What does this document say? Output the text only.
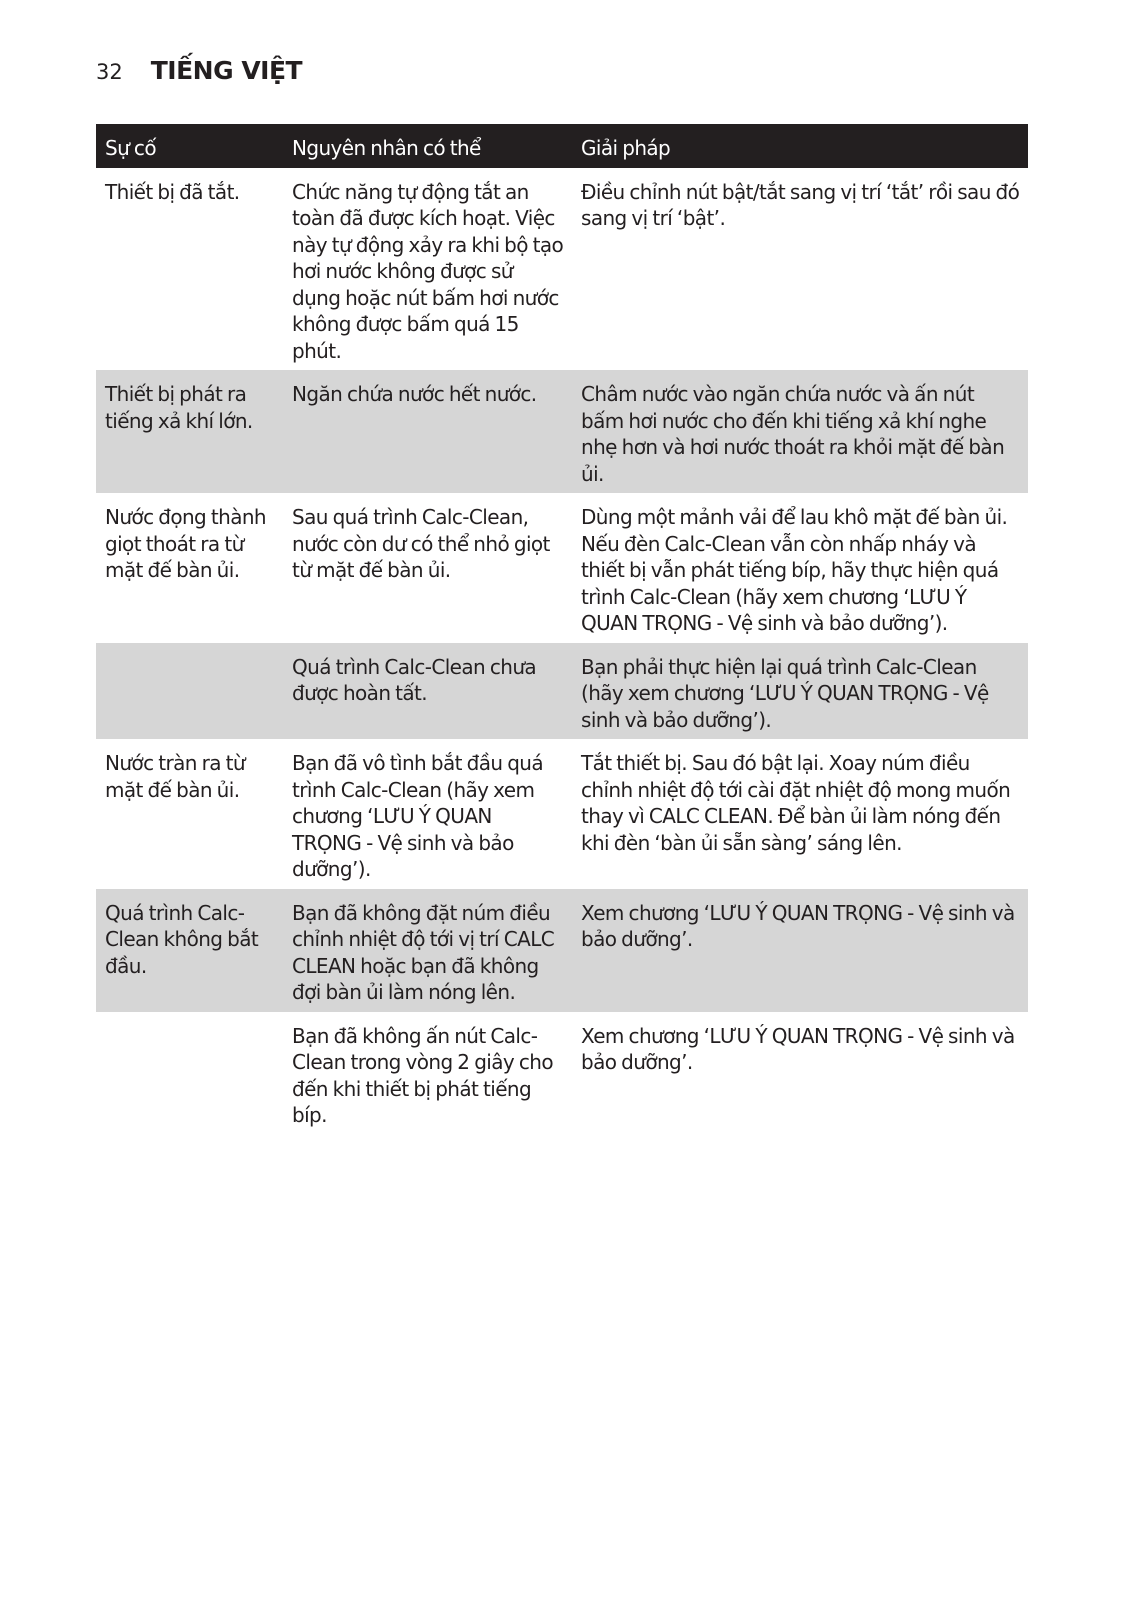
32 TIẾNG VIỆT
Sự cố	Nguyên nhân có thể	Giải pháp
Thiết bị đã tắt.	Chức năng tự động tắt an toàn đã được kích hoạt. Việc này tự động xảy ra khi bộ tạo hơi nước không được sử dụng hoặc nút bấm hơi nước không được bấm quá 15 phút.	Điều chỉnh nút bật/tắt sang vị trí ‘tắt’ rồi sau đó sang vị trí ‘bật’.
Thiết bị phát ra tiếng xả khí lớn.	Ngăn chứa nước hết nước.	Châm nước vào ngăn chứa nước và ấn nút bấm hơi nước cho đến khi tiếng xả khí nghe nhẹ hơn và hơi nước thoát ra khỏi mặt đế bàn ủi.
Nước đọng thành giọt thoát ra từ mặt đế bàn ủi.	Sau quá trình Calc-Clean, nước còn dư có thể nhỏ giọt từ mặt đế bàn ủi.	Dùng một mảnh vải để lau khô mặt đế bàn ủi. Nếu đèn Calc-Clean vẫn còn nhấp nháy và thiết bị vẫn phát tiếng bíp, hãy thực hiện quá trình Calc-Clean (hãy xem chương ‘LƯU Ý QUAN TRỌNG - Vệ sinh và bảo dưỡng’).
	Quá trình Calc-Clean chưa được hoàn tất.	Bạn phải thực hiện lại quá trình Calc-Clean (hãy xem chương ‘LƯU Ý QUAN TRỌNG - Vệ sinh và bảo dưỡng’).
Nước tràn ra từ mặt đế bàn ủi.	Bạn đã vô tình bắt đầu quá trình Calc-Clean (hãy xem chương ‘LƯU Ý QUAN TRỌNG - Vệ sinh và bảo dưỡng’).	Tắt thiết bị. Sau đó bật lại. Xoay núm điều chỉnh nhiệt độ tới cài đặt nhiệt độ mong muốn thay vì CALC CLEAN. Để bàn ủi làm nóng đến khi đèn ‘bàn ủi sẵn sàng’ sáng lên.
Quá trình Calc-Clean không bắt đầu.	Bạn đã không đặt núm điều chỉnh nhiệt độ tới vị trí CALC CLEAN hoặc bạn đã không đợi bàn ủi làm nóng lên.	Xem chương ‘LƯU Ý QUAN TRỌNG - Vệ sinh và bảo dưỡng’.
	Bạn đã không ấn nút Calc-Clean trong vòng 2 giây cho đến khi thiết bị phát tiếng bíp.	Xem chương ‘LƯU Ý QUAN TRỌNG - Vệ sinh và bảo dưỡng’.
